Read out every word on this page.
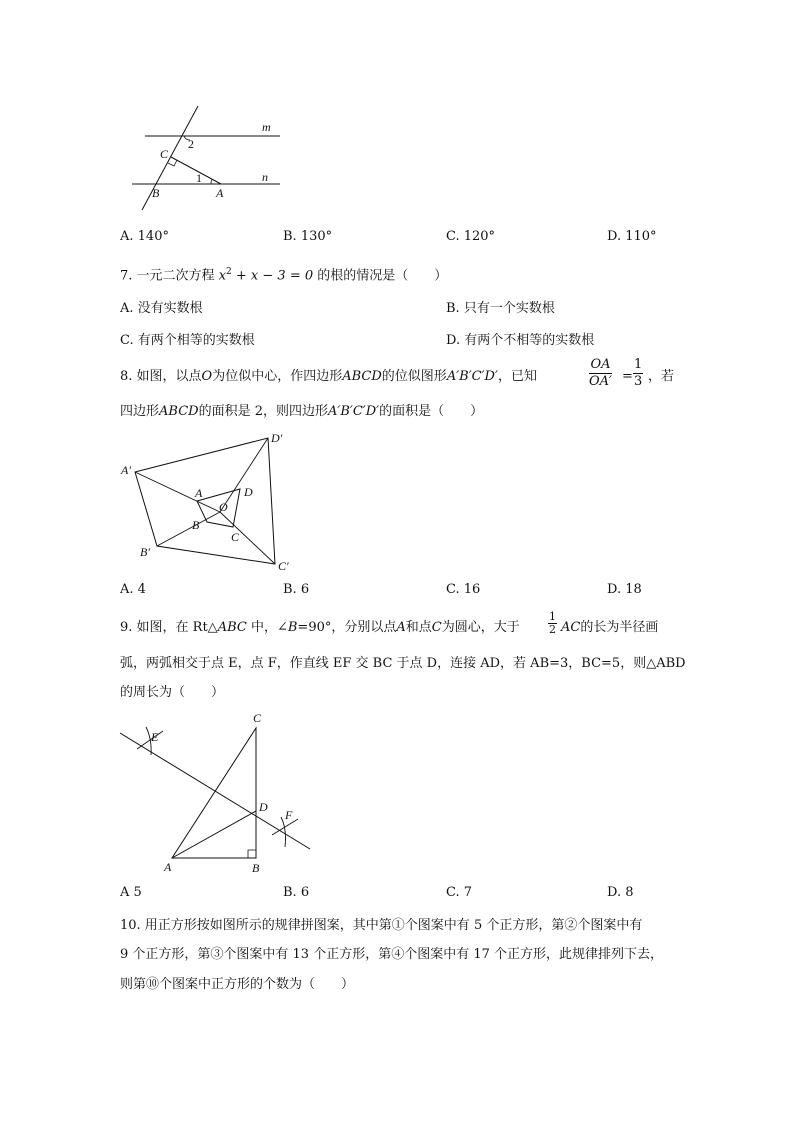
m
n
C
B	A
1
2
A. 140°	B. 130°	C. 120°	D. 110°
7. 一元二次方程 $x^2 + x - 3 = 0$ 的根的情况是（　　）
A. 没有实数根	B. 只有一个实数根
C. 有两个相等的实数根	D. 有两个不相等的实数根
8. 如图，以点O为位似中心，作四边形ABCD的位似图形A′B′C′D′，已知	$\frac{OA}{OA'} = \frac{1}{3}$ ，若
四边形ABCD的面积是 2，则四边形A′B′C′D′的面积是（　　）
A′
D′
B′
C′
A	D
B
C
O
A. 4	B. 6	C. 16	D. 18
9. 如图，在 Rt△ABC 中，∠B=90°，分别以点A和点C为圆心，大于	$\frac{1}{2}$ AC的长为半径画
弧，两弧相交于点 E，点 F，作直线 EF 交 BC 于点 D，连接 AD，若 AB=3，BC=5，则△ABD
的周长为（　　）
C
E
D
F
A	B
A 5	B. 6	C. 7	D. 8
10. 用正方形按如图所示的规律拼图案，其中第①个图案中有 5 个正方形，第②个图案中有
9 个正方形，第③个图案中有 13 个正方形，第④个图案中有 17 个正方形，此规律排列下去，
则第⑩个图案中正方形的个数为（　　）
